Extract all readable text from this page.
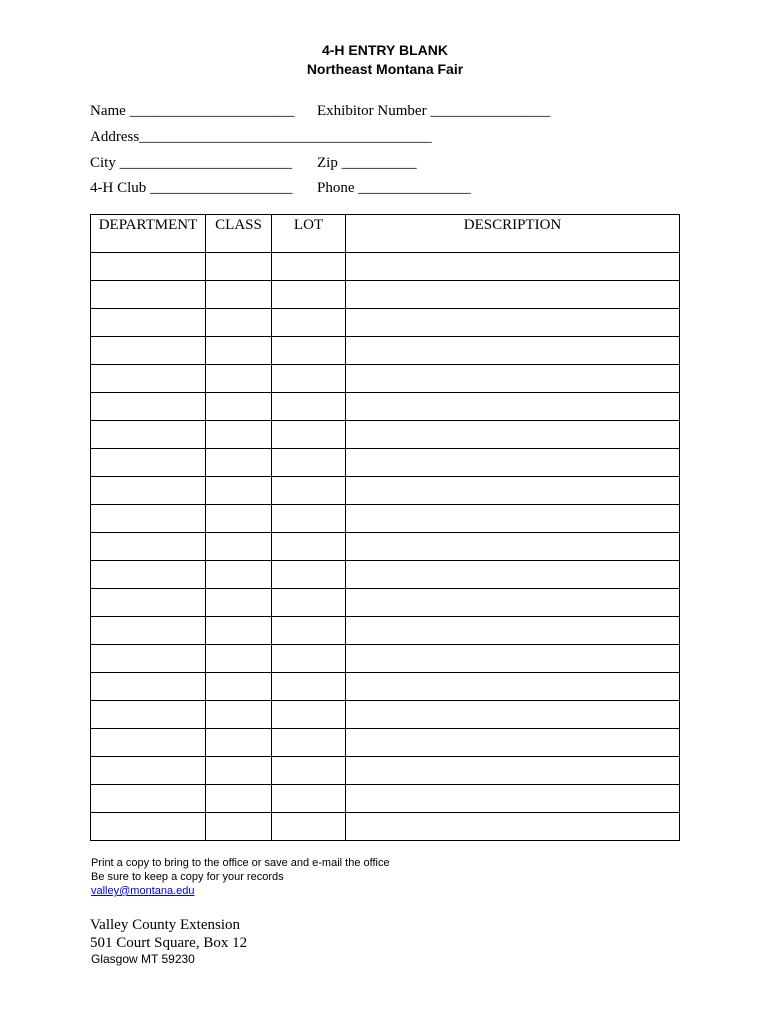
4-H ENTRY BLANK
Northeast Montana Fair
Name ______________________ Exhibitor Number ________________
Address_______________________________________
City _______________________ Zip __________
4-H Club ___________________ Phone _______________
DEPARTMENT	CLASS	LOT	DESCRIPTION

Print a copy to bring to the office or save and e-mail the office
Be sure to keep a copy for your records
valley@montana.edu
Valley County Extension
501 Court Square, Box 12
Glasgow MT 59230
